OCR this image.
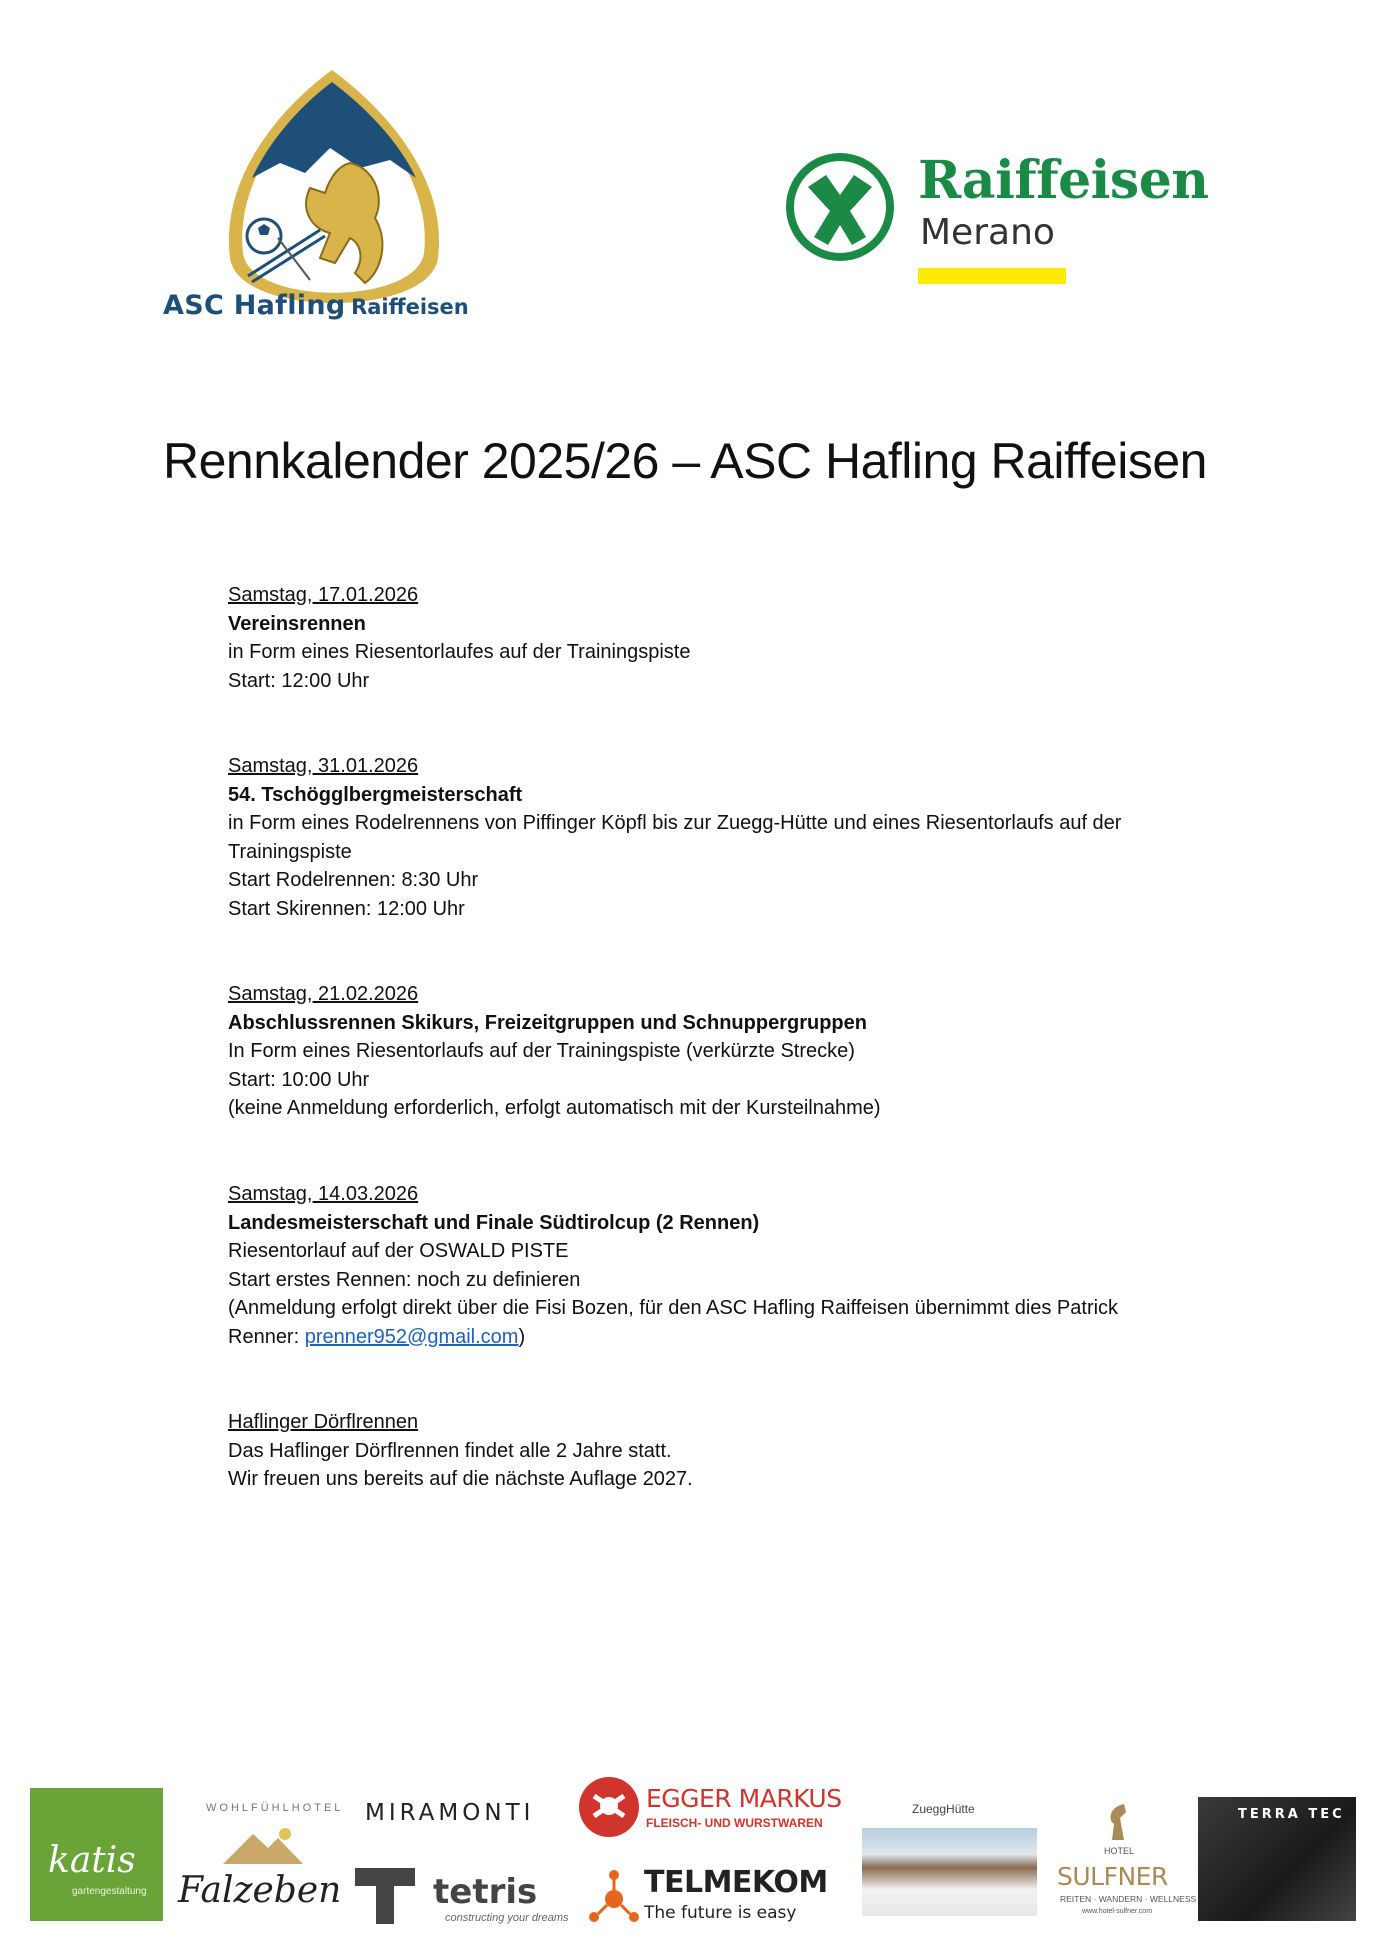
ASC Hafling Raiffeisen
Raiffeisen
Merano
Rennkalender 2025/26 – ASC Hafling Raiffeisen

Samstag, 17.01.2026

Vereinsrennen

in Form eines Riesentorlaufes auf der Trainingspiste

Start: 12:00 Uhr

Samstag, 31.01.2026

54. Tschögglbergmeisterschaft

in Form eines Rodelrennens von Piffinger Köpfl bis zur Zuegg-Hütte und eines Riesentorlaufs auf der

Trainingspiste

Start Rodelrennen: 8:30 Uhr

Start Skirennen: 12:00 Uhr

Samstag, 21.02.2026

Abschlussrennen Skikurs, Freizeitgruppen und Schnuppergruppen

In Form eines Riesentorlaufs auf der Trainingspiste (verkürzte Strecke)

Start: 10:00 Uhr

(keine Anmeldung erforderlich, erfolgt automatisch mit der Kursteilnahme)

Samstag, 14.03.2026

Landesmeisterschaft und Finale Südtirolcup (2 Rennen)

Riesentorlauf auf der OSWALD PISTE

Start erstes Rennen: noch zu definieren

(Anmeldung erfolgt direkt über die Fisi Bozen, für den ASC Hafling Raiffeisen übernimmt dies Patrick

Renner: prenner952@gmail.com)

Haflinger Dörflrennen

Das Haflinger Dörflrennen findet alle 2 Jahre statt.

Wir freuen uns bereits auf die nächste Auflage 2027.

katis
gartengestaltung
WOHLFÜHLHOTEL
Falzeben
MIRAMONTI
tetris
constructing your dreams
EGGER MARKUS
FLEISCH- UND WURSTWAREN
TELMEKOM
The future is easy
ZueggHütte
HOTEL
SULFNER
REITEN · WANDERN · WELLNESS
www.hotel-sulfner.com
TERRA TEC
